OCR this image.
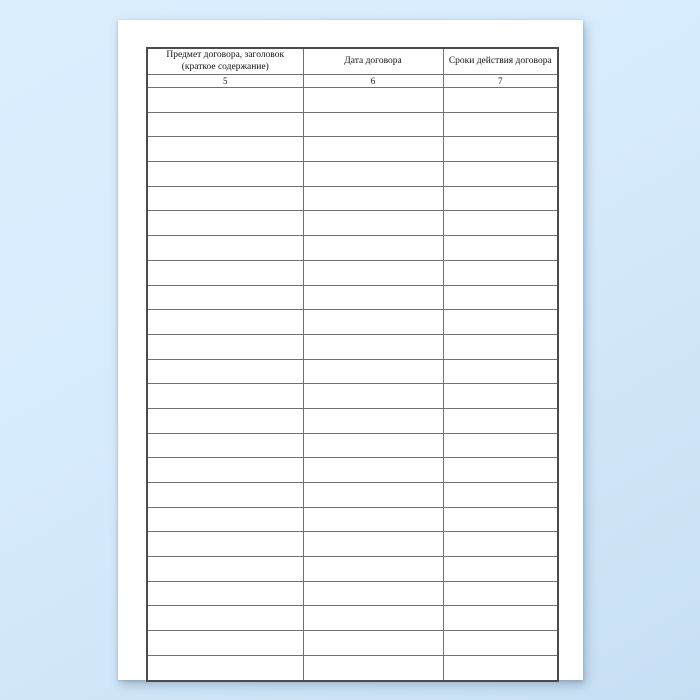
Предмет договора, заголовок (краткое содержание)	Дата договора	Сроки действия договора
5	6	7
